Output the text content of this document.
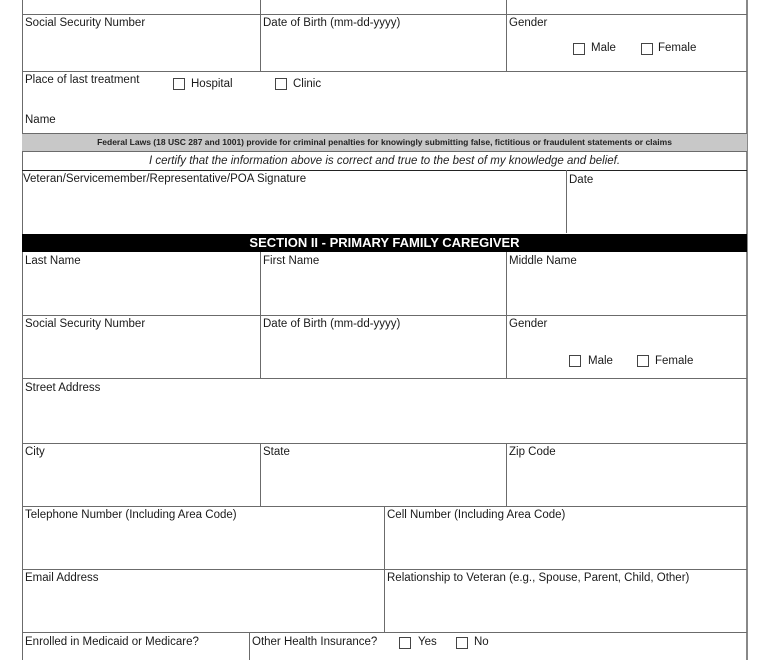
Social Security Number	Date of Birth (mm-dd-yyyy)	Gender
Male	Female
Place of last treatment	Hospital	Clinic
Name
Federal Laws (18 USC 287 and 1001) provide for criminal penalties for knowingly submitting false, fictitious or fraudulent statements or claims
I certify that the information above is correct and true to the best of my knowledge and belief.
Veteran/Servicemember/Representative/POA Signature	Date
SECTION II - PRIMARY FAMILY CAREGIVER
Last Name	First Name	Middle Name
Social Security Number	Date of Birth (mm-dd-yyyy)	Gender
Male	Female
Street Address
City	State	Zip Code
Telephone Number (Including Area Code)	Cell Number (Including Area Code)
Email Address	Relationship to Veteran (e.g., Spouse, Parent, Child, Other)
Enrolled in Medicaid or Medicare?	Other Health Insurance?	Yes	No
